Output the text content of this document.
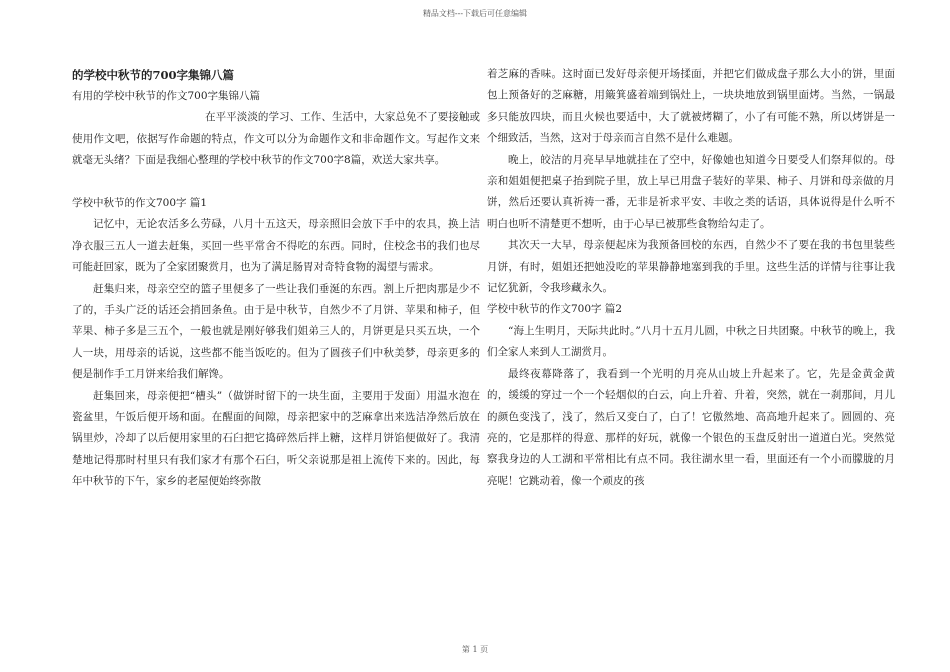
精品文档---下载后可任意编辑

的学校中秋节的700字集锦八篇

有用的学校中秋节的作文700字集锦八篇

在平平淡淡的学习、工作、生活中，大家总免不了要接触或使用作文吧，依据写作命题的特点，作文可以分为命题作文和非命题作文。写起作文来就毫无头绪？下面是我细心整理的学校中秋节的作文700字8篇，欢送大家共享。

学校中秋节的作文700字 篇1

记忆中，无论农活多么劳碌，八月十五这天，母亲照旧会放下手中的农具，换上洁净衣服三五人一道去赶集，买回一些平常舍不得吃的东西。同时，住校念书的我们也尽可能赶回家，既为了全家团聚赏月，也为了满足肠胃对奇特食物的渴望与需求。

赶集归来，母亲空空的篮子里便多了一些让我们垂涎的东西。割上斤把肉那是少不了的，手头广泛的话还会捎回条鱼。由于是中秋节，自然少不了月饼、苹果和柿子，但苹果、柿子多是三五个，一般也就是刚好够我们姐弟三人的，月饼更是只买五块，一个人一块，用母亲的话说，这些都不能当饭吃的。但为了圆孩子们中秋美梦，母亲更多的便是制作手工月饼来给我们解馋。

赶集回来，母亲便把“槽头”（做饼时留下的一块生面，主要用于发面）用温水泡在瓷盆里，午饭后便开场和面。在醒面的间隙，母亲把家中的芝麻拿出来选洁净然后放在锅里炒，冷却了以后便用家里的石臼把它捣碎然后拌上糖，这样月饼馅便做好了。我清楚地记得那时村里只有我们家才有那个石臼，听父亲说那是祖上流传下来的。因此，每年中秋节的下午，家乡的老屋便始终弥散

着芝麻的香味。这时面已发好母亲便开场揉面，并把它们做成盘子那么大小的饼，里面包上预备好的芝麻糖，用簸箕盛着端到锅灶上，一块块地放到锅里面烤。当然，一锅最多只能放四块，而且火候也要适中，大了就被烤糊了，小了有可能不熟，所以烤饼是一个细致活，当然，这对于母亲而言自然不是什么难题。

晚上，皎洁的月亮早早地就挂在了空中，好像她也知道今日要受人们祭拜似的。母亲和姐姐便把桌子抬到院子里，放上早已用盘子装好的苹果、柿子、月饼和母亲做的月饼，然后还要认真祈祷一番，无非是祈求平安、丰收之类的话语，具体说得是什么听不明白也听不清楚更不想听，由于心早已被那些食物给勾走了。

其次天一大早，母亲便起床为我预备回校的东西，自然少不了要在我的书包里装些月饼，有时，姐姐还把她没吃的苹果静静地塞到我的手里。这些生活的详情与往事让我记忆犹新，令我珍藏永久。

学校中秋节的作文700字 篇2

“海上生明月，天际共此时。”八月十五月儿圆，中秋之日共团聚。中秋节的晚上，我们全家人来到人工湖赏月。

最终夜幕降落了，我看到一个光明的月亮从山坡上升起来了。它，先是金黄金黄的，缓缓的穿过一个一个轻烟似的白云，向上升着、升着，突然，就在一刹那间，月儿的颜色变浅了，浅了，然后又变白了，白了！它傲然地、高高地升起来了。圆圆的、亮亮的，它是那样的得意、那样的好玩，就像一个银色的玉盘反射出一道道白光。突然觉察我身边的人工湖和平常相比有点不同。我往湖水里一看，里面还有一个小而朦胧的月亮呢！它跳动着，像一个顽皮的孩

第 1 页
